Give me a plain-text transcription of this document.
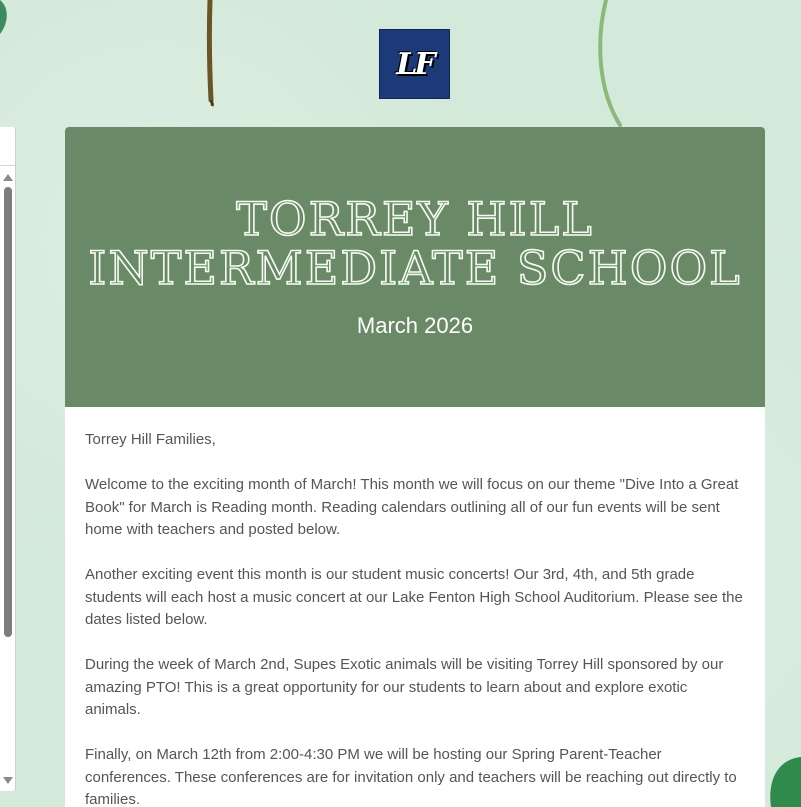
LF
TORREY HILL
INTERMEDIATE SCHOOL
March 2026

Torrey Hill Families,

Welcome to the exciting month of March! This month we will focus on our theme "Dive Into a Great Book" for March is Reading month. Reading calendars outlining all of our fun events will be sent home with teachers and posted below.

Another exciting event this month is our student music concerts! Our 3rd, 4th, and 5th grade students will each host a music concert at our Lake Fenton High School Auditorium. Please see the dates listed below.

During the week of March 2nd, Supes Exotic animals will be visiting Torrey Hill sponsored by our amazing PTO! This is a great opportunity for our students to learn about and explore exotic animals.

Finally, on March 12th from 2:00-4:30 PM we will be hosting our Spring Parent-Teacher conferences. These conferences are for invitation only and teachers will be reaching out directly to families.
